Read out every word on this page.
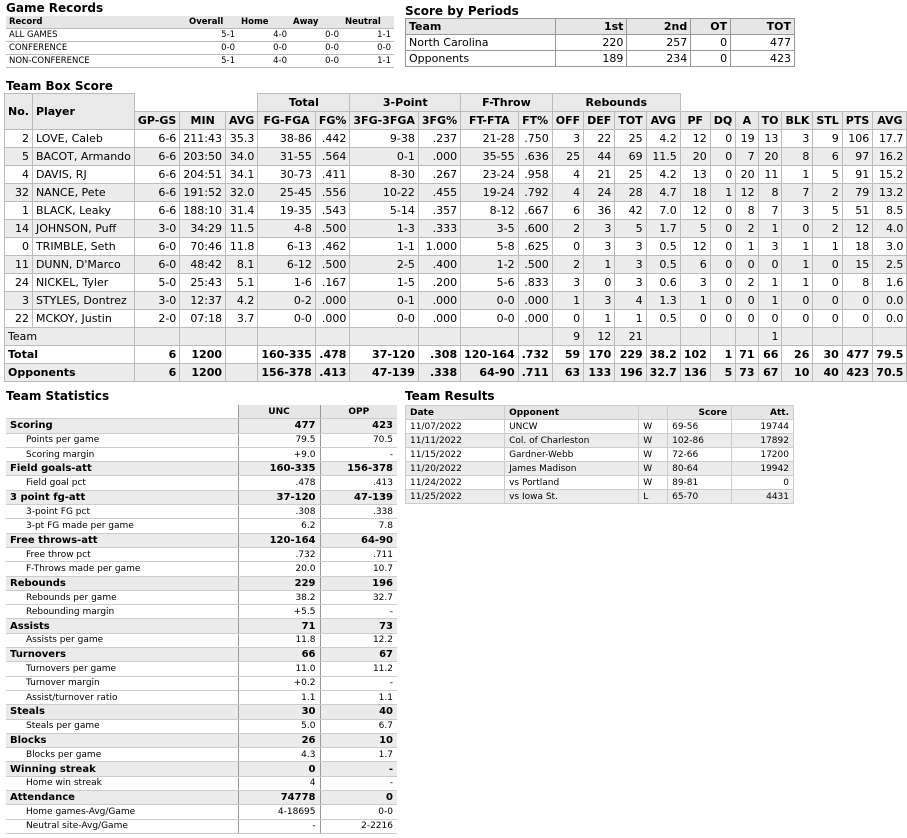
Game Records
Record	Overall	Home	Away	Neutral
ALL GAMES	5-1	4-0	0-0	1-1
CONFERENCE	0-0	0-0	0-0	0-0
NON-CONFERENCE	5-1	4-0	0-0	1-1
Score by Periods
Team	1st	2nd	OT	TOT
North Carolina	220	257	0	477
Opponents	189	234	0	423
Team Box Score
No.	Player				Total		3-Point		F-Throw		Rebounds											
		GP-GS	MIN	AVG	FG-FGA	FG%	3FG-3FGA	3FG%	FT-FTA	FT%	OFF	DEF	TOT	AVG	PF	DQ	A	TO	BLK	STL	PTS	AVG
2	LOVE, Caleb	6-6	211:43	35.3	38-86	.442	9-38	.237	21-28	.750	3	22	25	4.2	12	0	19	13	3	9	106	17.7
5	BACOT, Armando	6-6	203:50	34.0	31-55	.564	0-1	.000	35-55	.636	25	44	69	11.5	20	0	7	20	8	6	97	16.2
4	DAVIS, RJ	6-6	204:51	34.1	30-73	.411	8-30	.267	23-24	.958	4	21	25	4.2	13	0	20	11	1	5	91	15.2
32	NANCE, Pete	6-6	191:52	32.0	25-45	.556	10-22	.455	19-24	.792	4	24	28	4.7	18	1	12	8	7	2	79	13.2
1	BLACK, Leaky	6-6	188:10	31.4	19-35	.543	5-14	.357	8-12	.667	6	36	42	7.0	12	0	8	7	3	5	51	8.5
14	JOHNSON, Puff	3-0	34:29	11.5	4-8	.500	1-3	.333	3-5	.600	2	3	5	1.7	5	0	2	1	0	2	12	4.0
0	TRIMBLE, Seth	6-0	70:46	11.8	6-13	.462	1-1	1.000	5-8	.625	0	3	3	0.5	12	0	1	3	1	1	18	3.0
11	DUNN, D'Marco	6-0	48:42	8.1	6-12	.500	2-5	.400	1-2	.500	2	1	3	0.5	6	0	0	0	1	0	15	2.5
24	NICKEL, Tyler	5-0	25:43	5.1	1-6	.167	1-5	.200	5-6	.833	3	0	3	0.6	3	0	2	1	1	0	8	1.6
3	STYLES, Dontrez	3-0	12:37	4.2	0-2	.000	0-1	.000	0-0	.000	1	3	4	1.3	1	0	0	1	0	0	0	0.0
22	MCKOY, Justin	2-0	07:18	3.7	0-0	.000	0-0	.000	0-0	.000	0	1	1	0.5	0	0	0	0	0	0	0	0.0
Team											9	12	21					1				
Total		6	1200		160-335	.478	37-120	.308	120-164	.732	59	170	229	38.2	102	1	71	66	26	30	477	79.5
Opponents		6	1200		156-378	.413	47-139	.338	64-90	.711	63	133	196	32.7	136	5	73	67	10	40	423	70.5
Team Statistics
	UNC	OPP
Scoring	477	423
Points per game	79.5	70.5
Scoring margin	+9.0	-
Field goals-att	160-335	156-378
Field goal pct	.478	.413
3 point fg-att	37-120	47-139
3-point FG pct	.308	.338
3-pt FG made per game	6.2	7.8
Free throws-att	120-164	64-90
Free throw pct	.732	.711
F-Throws made per game	20.0	10.7
Rebounds	229	196
Rebounds per game	38.2	32.7
Rebounding margin	+5.5	-
Assists	71	73
Assists per game	11.8	12.2
Turnovers	66	67
Turnovers per game	11.0	11.2
Turnover margin	+0.2	-
Assist/turnover ratio	1.1	1.1
Steals	30	40
Steals per game	5.0	6.7
Blocks	26	10
Blocks per game	4.3	1.7
Winning streak	0	-
Home win streak	4	-
Attendance	74778	0
Home games-Avg/Game	4-18695	0-0
Neutral site-Avg/Game	-	2-2216
Team Results
Date	Opponent		Score	Att.
11/07/2022	UNCW	W	69-56	19744
11/11/2022	Col. of Charleston	W	102-86	17892
11/15/2022	Gardner-Webb	W	72-66	17200
11/20/2022	James Madison	W	80-64	19942
11/24/2022	vs Portland	W	89-81	0
11/25/2022	vs Iowa St.	L	65-70	4431
